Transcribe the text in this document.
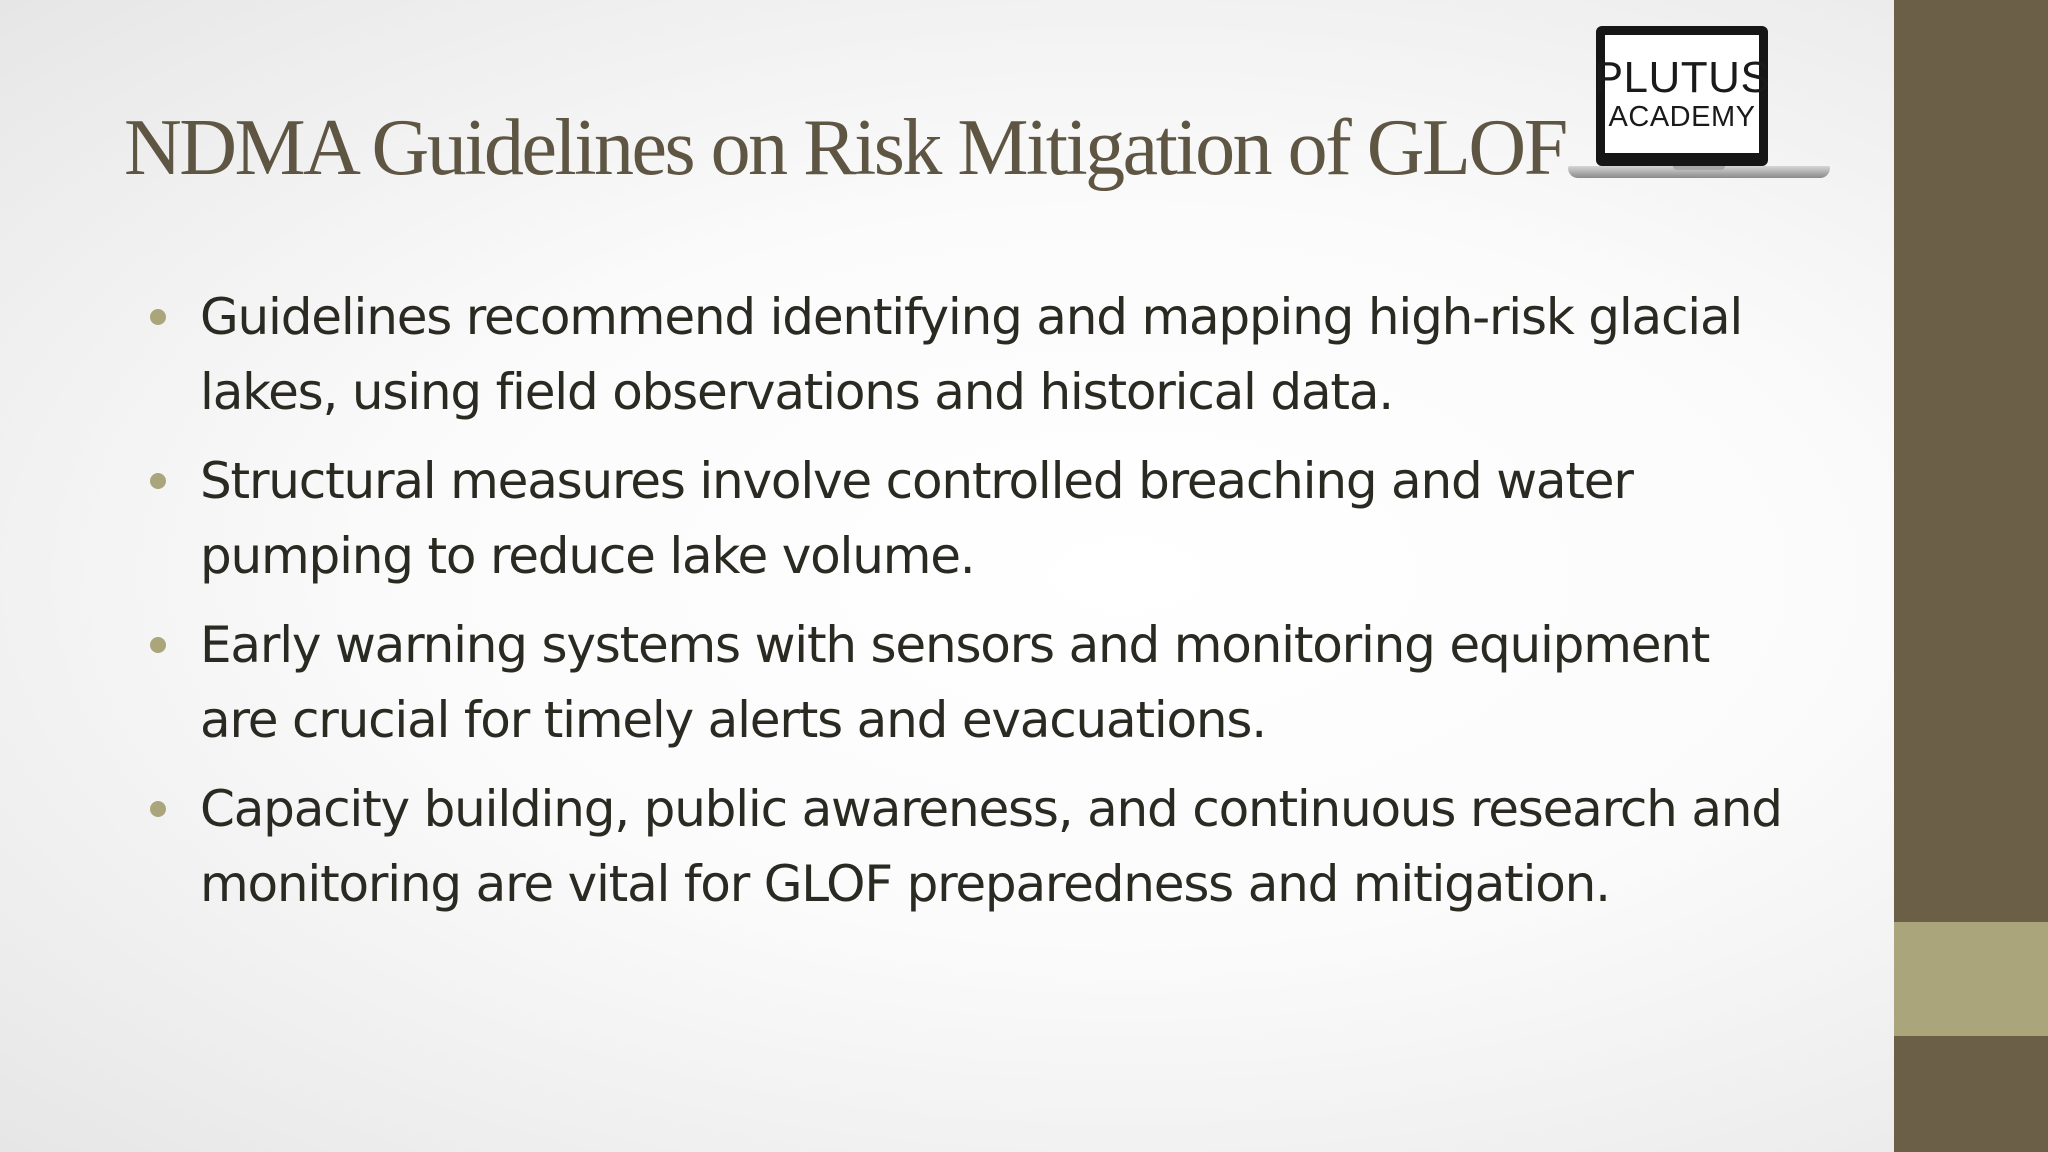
NDMA Guidelines on Risk Mitigation of GLOF
PLUTUS
ACADEMY
Guidelines recommend identifying and mapping high-risk glacial lakes, using field observations and historical data.
Structural measures involve controlled breaching and water pumping to reduce lake volume.
Early warning systems with sensors and monitoring equipment are crucial for timely alerts and evacuations.
Capacity building, public awareness, and continuous research and monitoring are vital for GLOF preparedness and mitigation.
